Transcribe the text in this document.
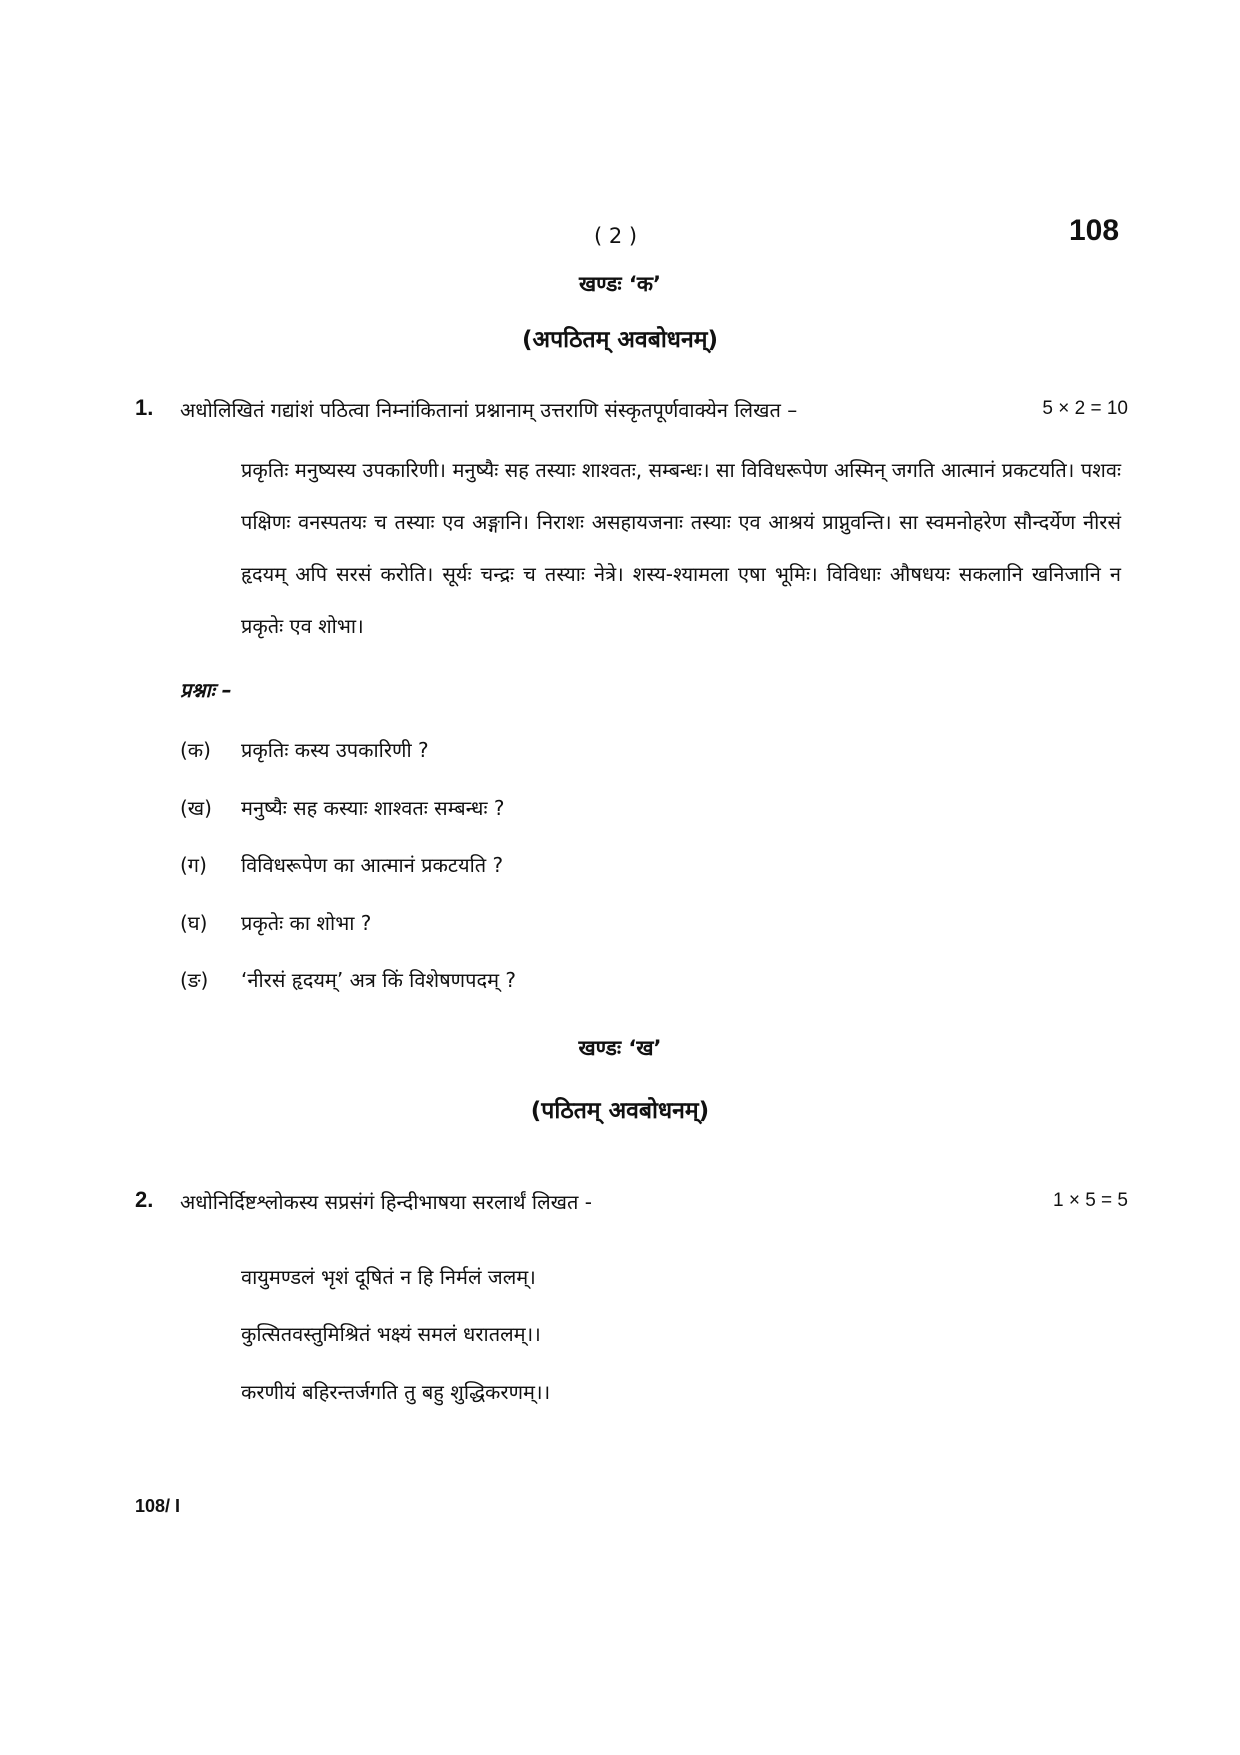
( 2 )	108
खण्डः ‘क’
(अपठितम् अवबोधनम्)
1. अधोलिखितं गद्यांशं पठित्वा निम्नांकितानां प्रश्नानाम् उत्तराणि संस्कृतपूर्णवाक्येन लिखत –	5 × 2 = 10
प्रकृतिः मनुष्यस्य उपकारिणी। मनुष्यैः सह तस्याः शाश्वतः, सम्बन्धः। सा विविधरूपेण अस्मिन् जगति आत्मानं प्रकटयति। पशवः पक्षिणः वनस्पतयः च तस्याः एव अङ्गानि। निराशः असहायजनाः तस्याः एव आश्रयं प्राप्नुवन्ति। सा स्वमनोहरेण सौन्दर्येण नीरसं हृदयम् अपि सरसं करोति। सूर्यः चन्द्रः च तस्याः नेत्रे। शस्य-श्यामला एषा भूमिः। विविधाः औषधयः सकलानि खनिजानि न प्रकृतेः एव शोभा।
प्रश्नाः –
(क) प्रकृतिः कस्य उपकारिणी ?
(ख) मनुष्यैः सह कस्याः शाश्वतः सम्बन्धः ?
(ग) विविधरूपेण का आत्मानं प्रकटयति ?
(घ) प्रकृतेः का शोभा ?
(ङ) ‘नीरसं हृदयम्’ अत्र किं विशेषणपदम् ?
खण्डः ‘ख’
(पठितम् अवबोधनम्)
2. अधोनिर्दिष्टश्लोकस्य सप्रसंगं हिन्दीभाषया सरलार्थं लिखत -	1 × 5 = 5
वायुमण्डलं भृशं दूषितं न हि निर्मलं जलम्।
कुत्सितवस्तुमिश्रितं भक्ष्यं समलं धरातलम्।।
करणीयं बहिरन्तर्जगति तु बहु शुद्धिकरणम्।।
108/ I
